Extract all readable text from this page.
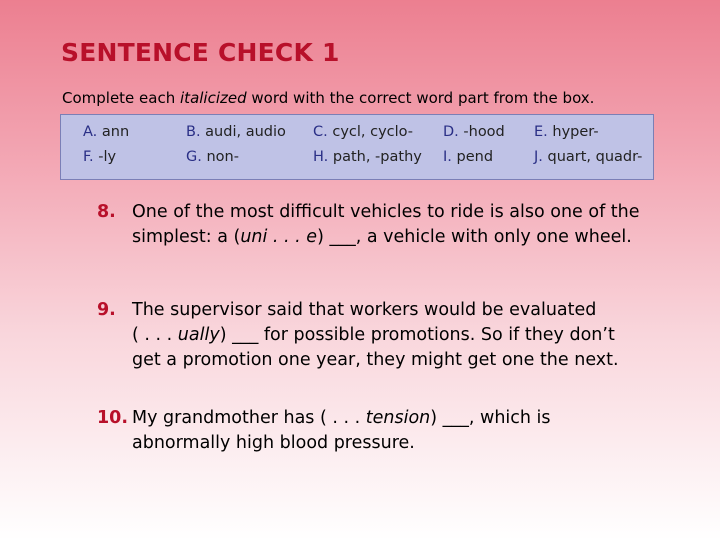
SENTENCE CHECK 1
Complete each italicized word with the correct word part from the box.
A. ann	B. audi, audio C. cycl, cyclo- D. -hood E. hyper-
F. -ly	G. non-	H. path, -pathy I. pend	J. quart, quadr-
8. One of the most difficult vehicles to ride is also one of the
simplest: a (uni . . . e) ___, a vehicle with only one wheel.
9. The supervisor said that workers would be evaluated
( . . . ually) ___ for possible promotions. So if they don’t
get a promotion one year, they might get one the next.
10. My grandmother has ( . . . tension) ___, which is
abnormally high blood pressure.
